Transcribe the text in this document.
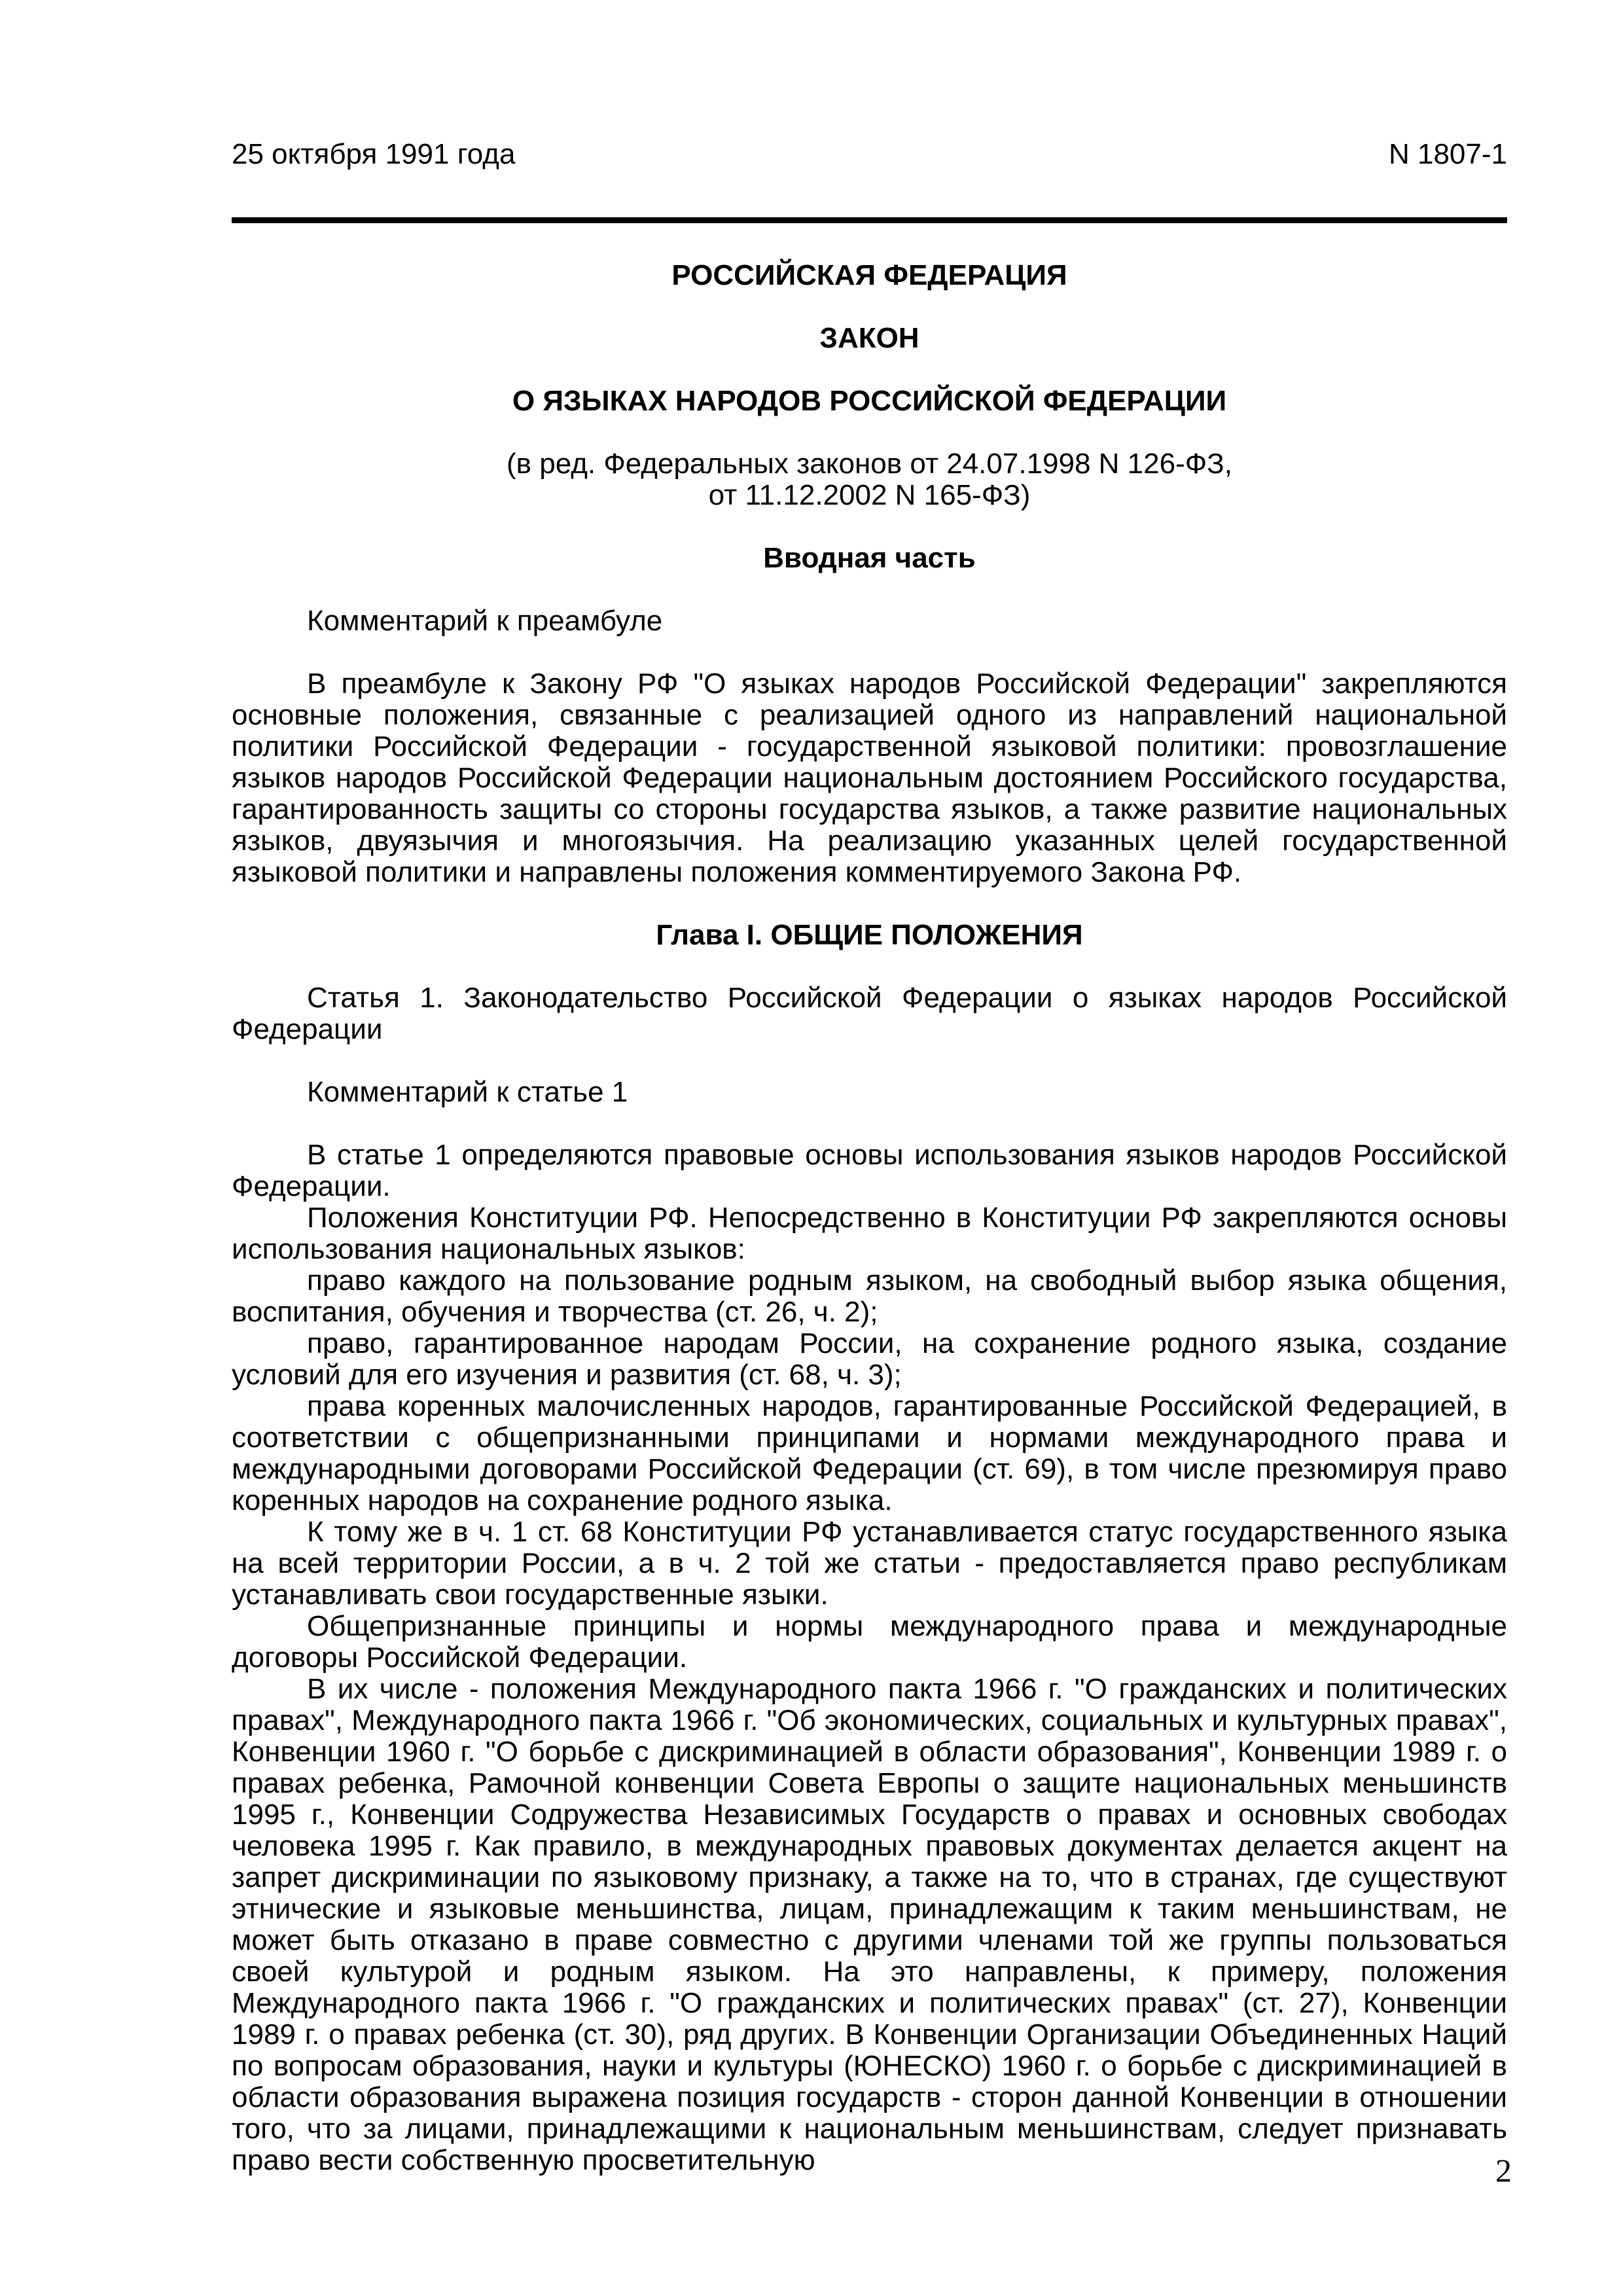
25 октября 1991 года	N 1807-1
РОССИЙСКАЯ ФЕДЕРАЦИЯ
ЗАКОН
О ЯЗЫКАХ НАРОДОВ РОССИЙСКОЙ ФЕДЕРАЦИИ
(в ред. Федеральных законов от 24.07.1998 N 126-ФЗ,
от 11.12.2002 N 165-ФЗ)
Вводная часть
Комментарий к преамбуле

В преамбуле к Закону РФ "О языках народов Российской Федерации" закрепляются основные положения, связанные с реализацией одного из направлений национальной политики Российской Федерации - государственной языковой политики: провозглашение языков народов Российской Федерации национальным достоянием Российского государства, гарантированность защиты со стороны государства языков, а также развитие национальных языков, двуязычия и многоязычия. На реализацию указанных целей государственной языковой политики и направлены положения комментируемого Закона РФ.

Глава I. ОБЩИЕ ПОЛОЖЕНИЯ

Статья 1. Законодательство Российской Федерации о языках народов Российской Федерации

Комментарий к статье 1

В статье 1 определяются правовые основы использования языков народов Российской Федерации.

Положения Конституции РФ. Непосредственно в Конституции РФ закрепляются основы использования национальных языков:

право каждого на пользование родным языком, на свободный выбор языка общения, воспитания, обучения и творчества (ст. 26, ч. 2);

право, гарантированное народам России, на сохранение родного языка, создание условий для его изучения и развития (ст. 68, ч. 3);

права коренных малочисленных народов, гарантированные Российской Федерацией, в соответствии с общепризнанными принципами и нормами международного права и международными договорами Российской Федерации (ст. 69), в том числе презюмируя право коренных народов на сохранение родного языка.

К тому же в ч. 1 ст. 68 Конституции РФ устанавливается статус государственного языка на всей территории России, а в ч. 2 той же статьи - предоставляется право республикам устанавливать свои государственные языки.

Общепризнанные принципы и нормы международного права и международные договоры Российской Федерации.

В их числе - положения Международного пакта 1966 г. "О гражданских и политических правах", Международного пакта 1966 г. "Об экономических, социальных и культурных правах", Конвенции 1960 г. "О борьбе с дискриминацией в области образования", Конвенции 1989 г. о правах ребенка, Рамочной конвенции Совета Европы о защите национальных меньшинств 1995 г., Конвенции Содружества Независимых Государств о правах и основных свободах человека 1995 г. Как правило, в международных правовых документах делается акцент на запрет дискриминации по языковому признаку, а также на то, что в странах, где существуют этнические и языковые меньшинства, лицам, принадлежащим к таким меньшинствам, не может быть отказано в праве совместно с другими членами той же группы пользоваться своей культурой и родным языком. На это направлены, к примеру, положения Международного пакта 1966 г. "О гражданских и политических правах" (ст. 27), Конвенции 1989 г. о правах ребенка (ст. 30), ряд других. В Конвенции Организации Объединенных Наций по вопросам образования, науки и культуры (ЮНЕСКО) 1960 г. о борьбе с дискриминацией в области образования выражена позиция государств - сторон данной Конвенции в отношении того, что за лицами, принадлежащими к национальным меньшинствам, следует признавать право вести собственную просветительную	2
